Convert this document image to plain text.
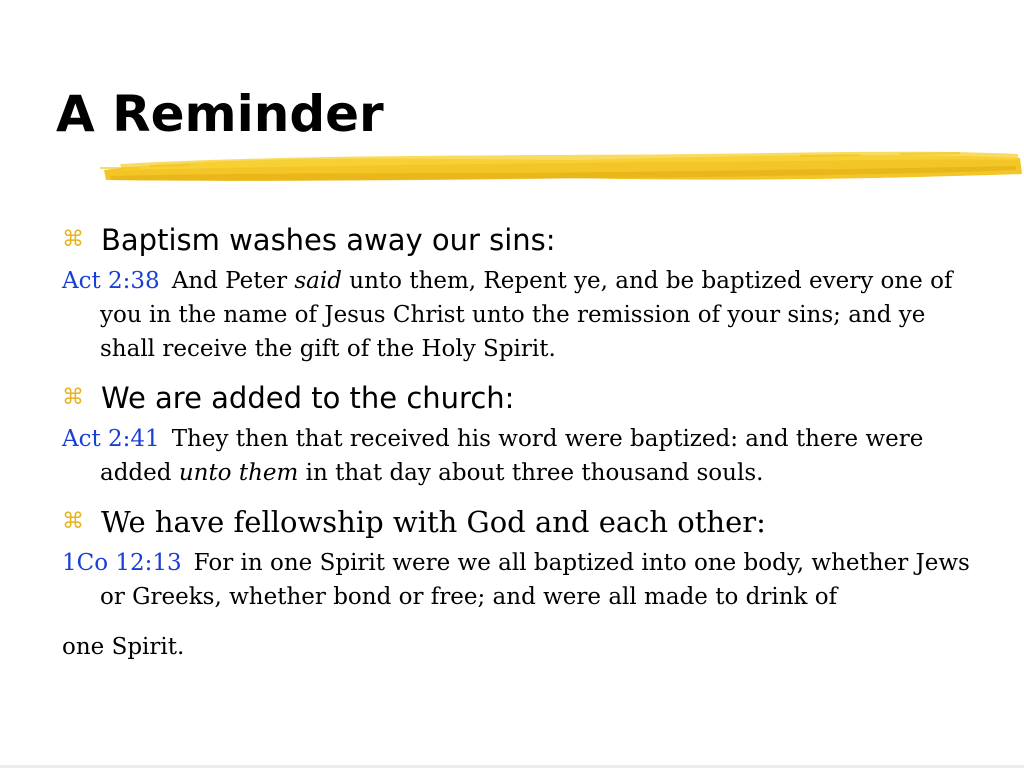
A Reminder

⌘ Baptism washes away our sins:

Act 2:38 And Peter said unto them, Repent ye, and be baptized every one of you in the name of Jesus Christ unto the remission of your sins; and ye shall receive the gift of the Holy Spirit.

⌘ We are added to the church:

Act 2:41 They then that received his word were baptized: and there were added unto them in that day about three thousand souls.

⌘ We have fellowship with God and each other:

1Co 12:13 For in one Spirit were we all baptized into one body, whether Jews or Greeks, whether bond or free; and were all made to drink of
one Spirit.
